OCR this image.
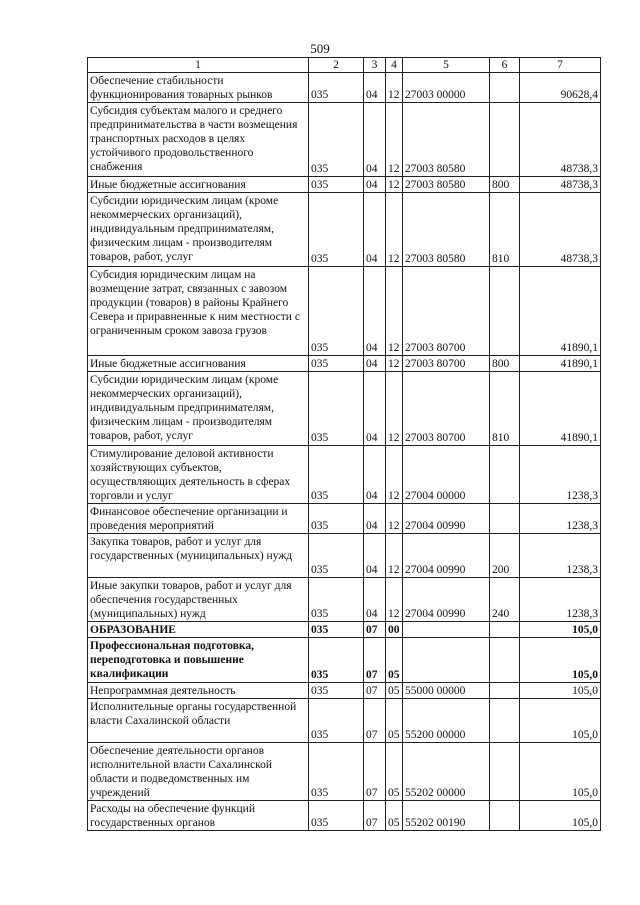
509
1	2	3	4	5	6	7
Обеспечение стабильности функционирования товарных рынков	035	04	12	27003 00000		90628,4
Субсидия субъектам малого и среднего предпринимательства в части возмещения транспортных расходов в целях устойчивого продовольственного снабжения	035	04	12	27003 80580		48738,3
Иные бюджетные ассигнования	035	04	12	27003 80580	800	48738,3
Субсидии юридическим лицам (кроме некоммерческих организаций), индивидуальным предпринимателям, физическим лицам - производителям товаров, работ, услуг	035	04	12	27003 80580	810	48738,3
Субсидия юридическим лицам на возмещение затрат, связанных с завозом продукции (товаров) в районы Крайнего Севера и приравненные к ним местности с ограниченным сроком завоза грузов	035	04	12	27003 80700		41890,1
Иные бюджетные ассигнования	035	04	12	27003 80700	800	41890,1
Субсидии юридическим лицам (кроме некоммерческих организаций), индивидуальным предпринимателям, физическим лицам - производителям товаров, работ, услуг	035	04	12	27003 80700	810	41890,1
Стимулирование деловой активности хозяйствующих субъектов, осуществляющих деятельность в сферах торговли и услуг	035	04	12	27004 00000		1238,3
Финансовое обеспечение организации и проведения мероприятий	035	04	12	27004 00990		1238,3
Закупка товаров, работ и услуг для государственных (муниципальных) нужд	035	04	12	27004 00990	200	1238,3
Иные закупки товаров, работ и услуг для обеспечения государственных (муниципальных) нужд	035	04	12	27004 00990	240	1238,3
ОБРАЗОВАНИЕ	035	07	00			105,0
Профессиональная подготовка, переподготовка и повышение квалификации	035	07	05			105,0
Непрограммная деятельность	035	07	05	55000 00000		105,0
Исполнительные органы государственной власти Сахалинской области	035	07	05	55200 00000		105,0
Обеспечение деятельности органов исполнительной власти Сахалинской области и подведомственных им учреждений	035	07	05	55202 00000		105,0
Расходы на обеспечение функций государственных органов	035	07	05	55202 00190		105,0
